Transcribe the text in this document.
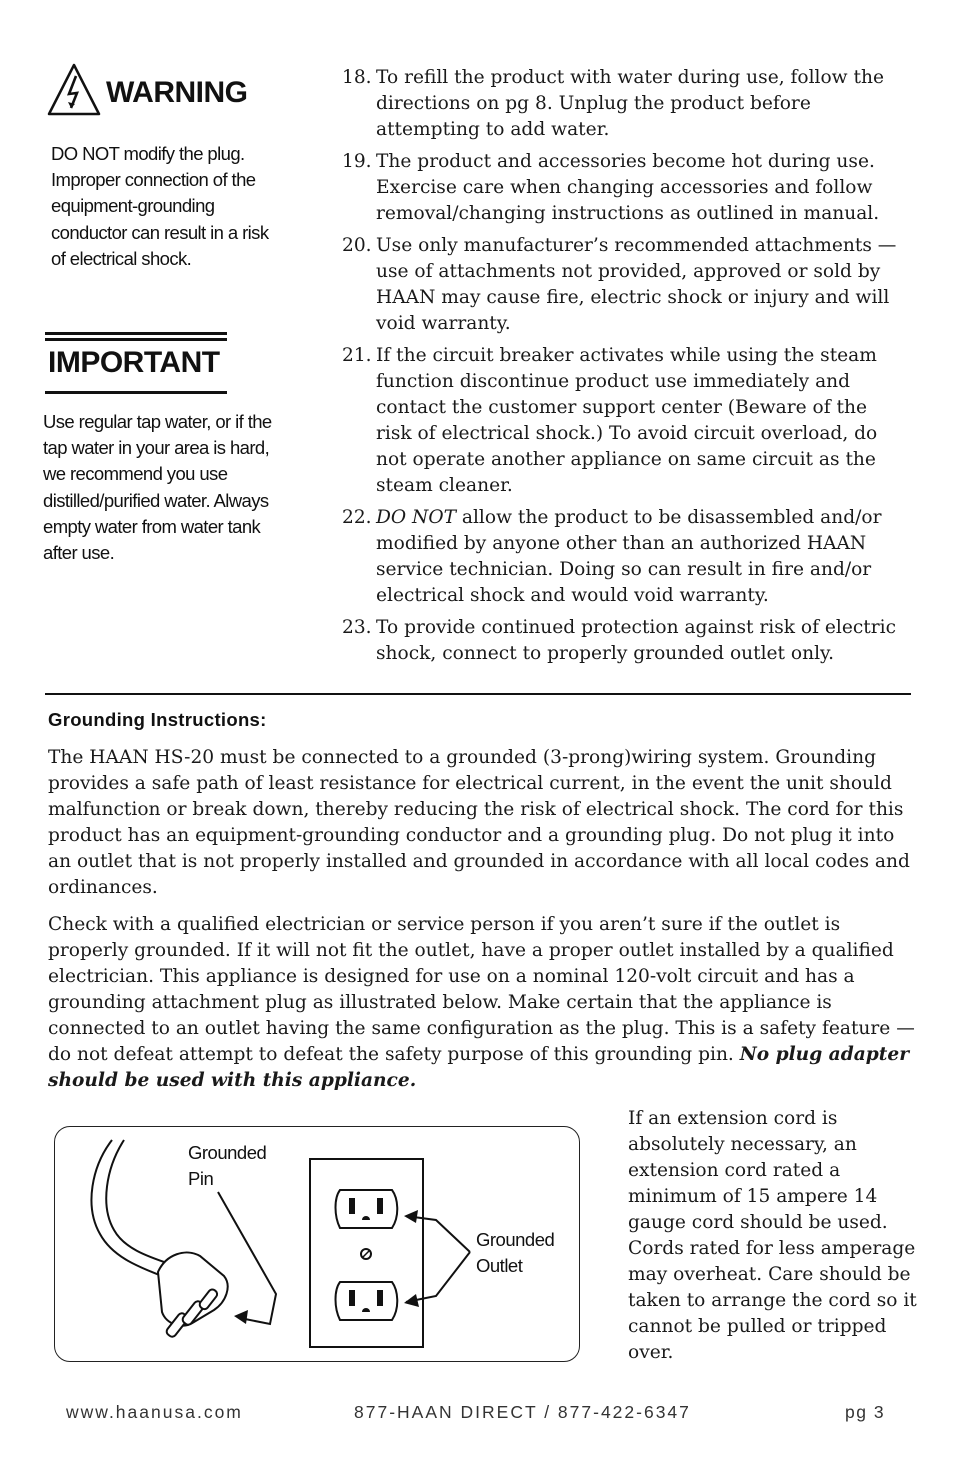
WARNING
DO NOT modify the plug. Improper connection of the equipment-grounding conductor can result in a risk of electrical shock.
IMPORTANT
Use regular tap water, or if the tap water in your area is hard, we recommend you use distilled/purified water. Always empty water from water tank after use.
18. To refill the product with water during use, follow the directions on pg 8. Unplug the product before attempting to add water.
19. The product and accessories become hot during use. Exercise care when changing accessories and follow removal/changing instructions as outlined in manual.
20. Use only manufacturer’s recommended attachments — use of attachments not provided, approved or sold by HAAN may cause fire, electric shock or injury and will void warranty.
21. If the circuit breaker activates while using the steam function discontinue product use immediately and contact the customer support center (Beware of the risk of electrical shock.) To avoid circuit overload, do not operate another appliance on same circuit as the steam cleaner.
22. DO NOT allow the product to be disassembled and/or modified by anyone other than an authorized HAAN service technician. Doing so can result in fire and/or electrical shock and would void warranty.
23. To provide continued protection against risk of electric shock, connect to properly grounded outlet only.
Grounding Instructions:

The HAAN HS-20 must be connected to a grounded (3-prong)wiring system. Grounding provides a safe path of least resistance for electrical current, in the event the unit should malfunction or break down, thereby reducing the risk of electrical shock. The cord for this product has an equipment-grounding conductor and a grounding plug. Do not plug it into an outlet that is not properly installed and grounded in accordance with all local codes and ordinances.

Check with a qualified electrician or service person if you aren’t sure if the outlet is properly grounded. If it will not fit the outlet, have a proper outlet installed by a qualified electrician. This appliance is designed for use on a nominal 120-volt circuit and has a grounding attachment plug as illustrated below. Make certain that the appliance is connected to an outlet having the same configuration as the plug. This is a safety feature — do not defeat attempt to defeat the safety purpose of this grounding pin. No plug adapter should be used with this appliance.

Grounded
Pin
Grounded
Outlet

If an extension cord is absolutely necessary, an extension cord rated a minimum of 15 ampere 14 gauge cord should be used. Cords rated for less amperage may overheat. Care should be taken to arrange the cord so it cannot be pulled or tripped over.

www.haanusa.com	877-HAAN DIRECT / 877-422-6347	pg 3
